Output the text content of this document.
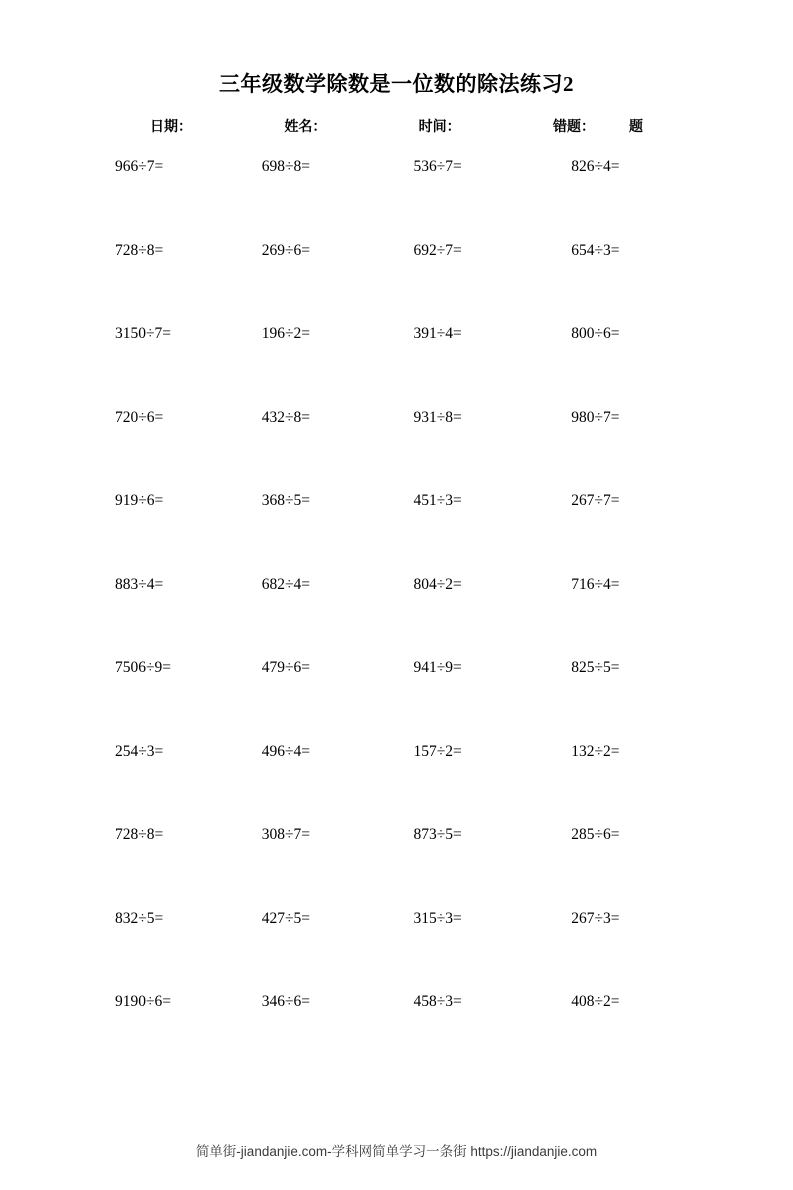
三年级数学除数是一位数的除法练习2
日期：	姓名：	时间：	错题： 题
966÷7=	698÷8=	536÷7=	826÷4=
728÷8=	269÷6=	692÷7=	654÷3=
3150÷7=	196÷2=	391÷4=	800÷6=
720÷6=	432÷8=	931÷8=	980÷7=
919÷6=	368÷5=	451÷3=	267÷7=
883÷4=	682÷4=	804÷2=	716÷4=
7506÷9=	479÷6=	941÷9=	825÷5=
254÷3=	496÷4=	157÷2=	132÷2=
728÷8=	308÷7=	873÷5=	285÷6=
832÷5=	427÷5=	315÷3=	267÷3=
9190÷6=	346÷6=	458÷3=	408÷2=
简单街-jiandanjie.com-学科网简单学习一条街 https://jiandanjie.com
